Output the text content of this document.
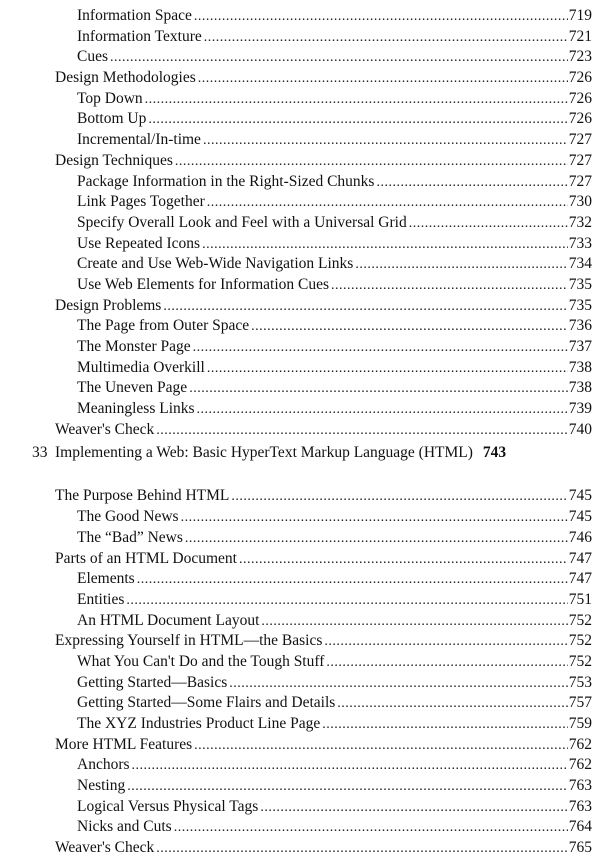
Information Space .....	719
Information Texture .....	721
Cues .....	723
Design Methodologies .....	726
Top Down .....	726
Bottom Up .....	726
Incremental/In-time .....	727
Design Techniques .....	727
Package Information in the Right-Sized Chunks .....	727
Link Pages Together .....	730
Specify Overall Look and Feel with a Universal Grid .....	732
Use Repeated Icons .....	733
Create and Use Web-Wide Navigation Links .....	734
Use Web Elements for Information Cues .....	735
Design Problems .....	735
The Page from Outer Space .....	736
The Monster Page .....	737
Multimedia Overkill .....	738
The Uneven Page .....	738
Meaningless Links .....	739
Weaver's Check .....	740
33 Implementing a Web: Basic HyperText Markup Language (HTML) 743
The Purpose Behind HTML .....	745
The Good News .....	745
The “Bad” News .....	746
Parts of an HTML Document .....	747
Elements .....	747
Entities .....	751
An HTML Document Layout .....	752
Expressing Yourself in HTML—the Basics .....	752
What You Can't Do and the Tough Stuff .....	752
Getting Started—Basics .....	753
Getting Started—Some Flairs and Details .....	757
The XYZ Industries Product Line Page .....	759
More HTML Features .....	762
Anchors .....	762
Nesting .....	763
Logical Versus Physical Tags .....	763
Nicks and Cuts .....	764
Weaver's Check .....	765
